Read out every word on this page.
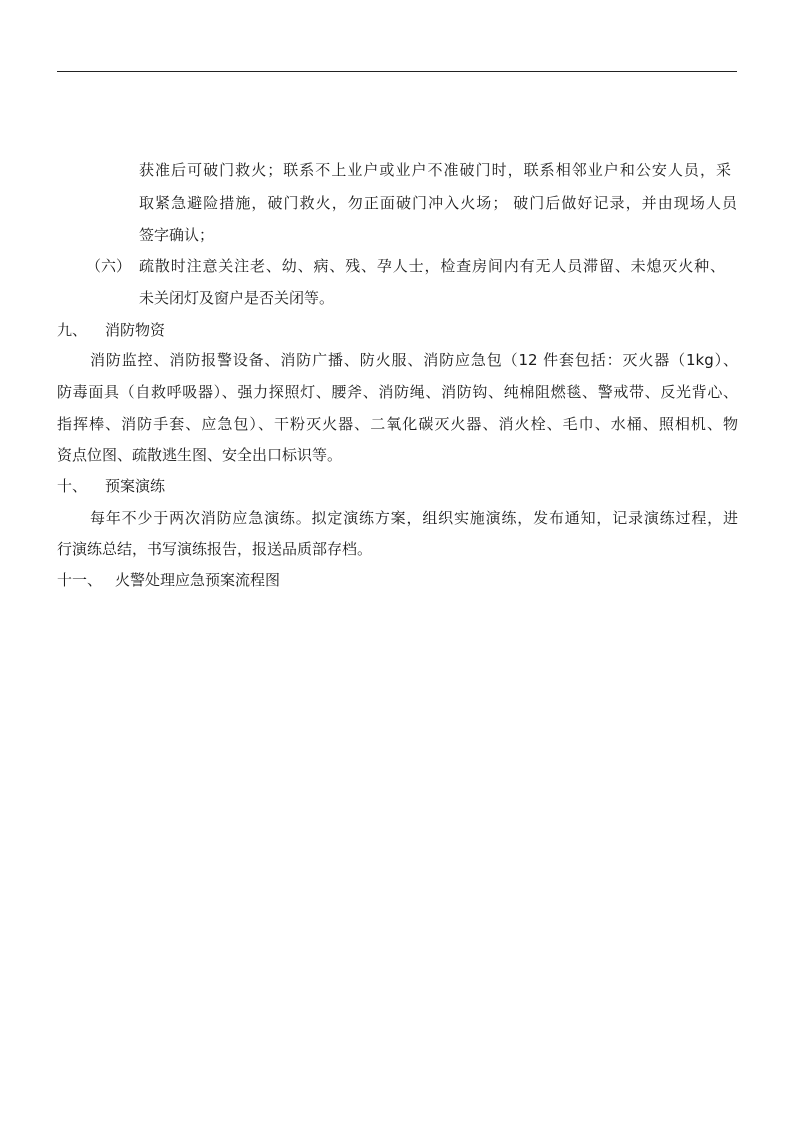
获准后可破门救火；联系不上业户或业户不准破门时，联系相邻业户和公安人员，采
取紧急避险措施，破门救火，勿正面破门冲入火场； 破门后做好记录，并由现场人员
签字确认；
（六） 疏散时注意关注老、幼、病、残、孕人士，检查房间内有无人员滞留、未熄灭火种、
未关闭灯及窗户是否关闭等。
九、 消防物资
消防监控、消防报警设备、消防广播、防火服、消防应急包（12 件套包括：灭火器（1kg）、
防毒面具（自救呼吸器）、强力探照灯、腰斧、消防绳、消防钩、纯棉阻燃毯、警戒带、反光背心、
指挥棒、消防手套、应急包）、干粉灭火器、二氧化碳灭火器、消火栓、毛巾、水桶、照相机、物
资点位图、疏散逃生图、安全出口标识等。
十、 预案演练
每年不少于两次消防应急演练。拟定演练方案，组织实施演练，发布通知，记录演练过程，进
行演练总结，书写演练报告，报送品质部存档。
十一、 火警处理应急预案流程图
